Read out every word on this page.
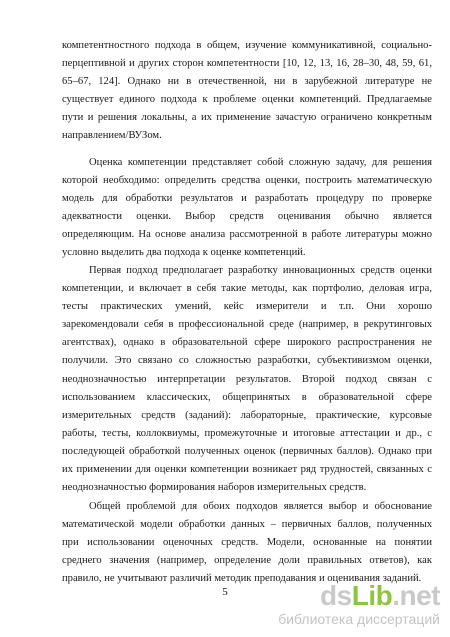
компетентностного подхода в общем, изучение коммуникативной, социально-
перцептивной и других сторон компетентности [10, 12, 13, 16, 28–30, 48, 59, 61,
65–67, 124]. Однако ни в отечественной, ни в зарубежной литературе не
существует единого подхода к проблеме оценки компетенций. Предлагаемые
пути и решения локальны, а их применение зачастую ограничено конкретным
направлением/ВУЗом.
Оценка компетенции представляет собой сложную задачу, для решения
которой необходимо: определить средства оценки, построить математическую
модель для обработки результатов и разработать процедуру по проверке
адекватности оценки. Выбор средств оценивания обычно является
определяющим. На основе анализа рассмотренной в работе литературы можно
условно выделить два подхода к оценке компетенций.
Первая подход предполагает разработку инновационных средств оценки
компетенции, и включает в себя такие методы, как портфолио, деловая игра,
тесты практических умений, кейс измерители и т.п. Они хорошо
зарекомендовали себя в профессиональной среде (например, в рекрутинговых
агентствах), однако в образовательной сфере широкого распространения не
получили. Это связано со сложностью разработки, субъективизмом оценки,
неоднозначностью интерпретации результатов. Второй подход связан с
использованием классических, общепринятых в образовательной сфере
измерительных средств (заданий): лабораторные, практические, курсовые
работы, тесты, коллоквиумы, промежуточные и итоговые аттестации и др., с
последующей обработкой полученных оценок (первичных баллов). Однако при
их применении для оценки компетенции возникает ряд трудностей, связанных с
неоднозначностью формирования наборов измерительных средств.
Общей проблемой для обоих подходов является выбор и обоснование
математической модели обработки данных – первичных баллов, полученных
при использовании оценочных средств. Модели, основанные на понятии
среднего значения (например, определение доли правильных ответов), как
правило, не учитывают различий методик преподавания и оценивания заданий.
5	dsLib.net
библиотека диссертаций
